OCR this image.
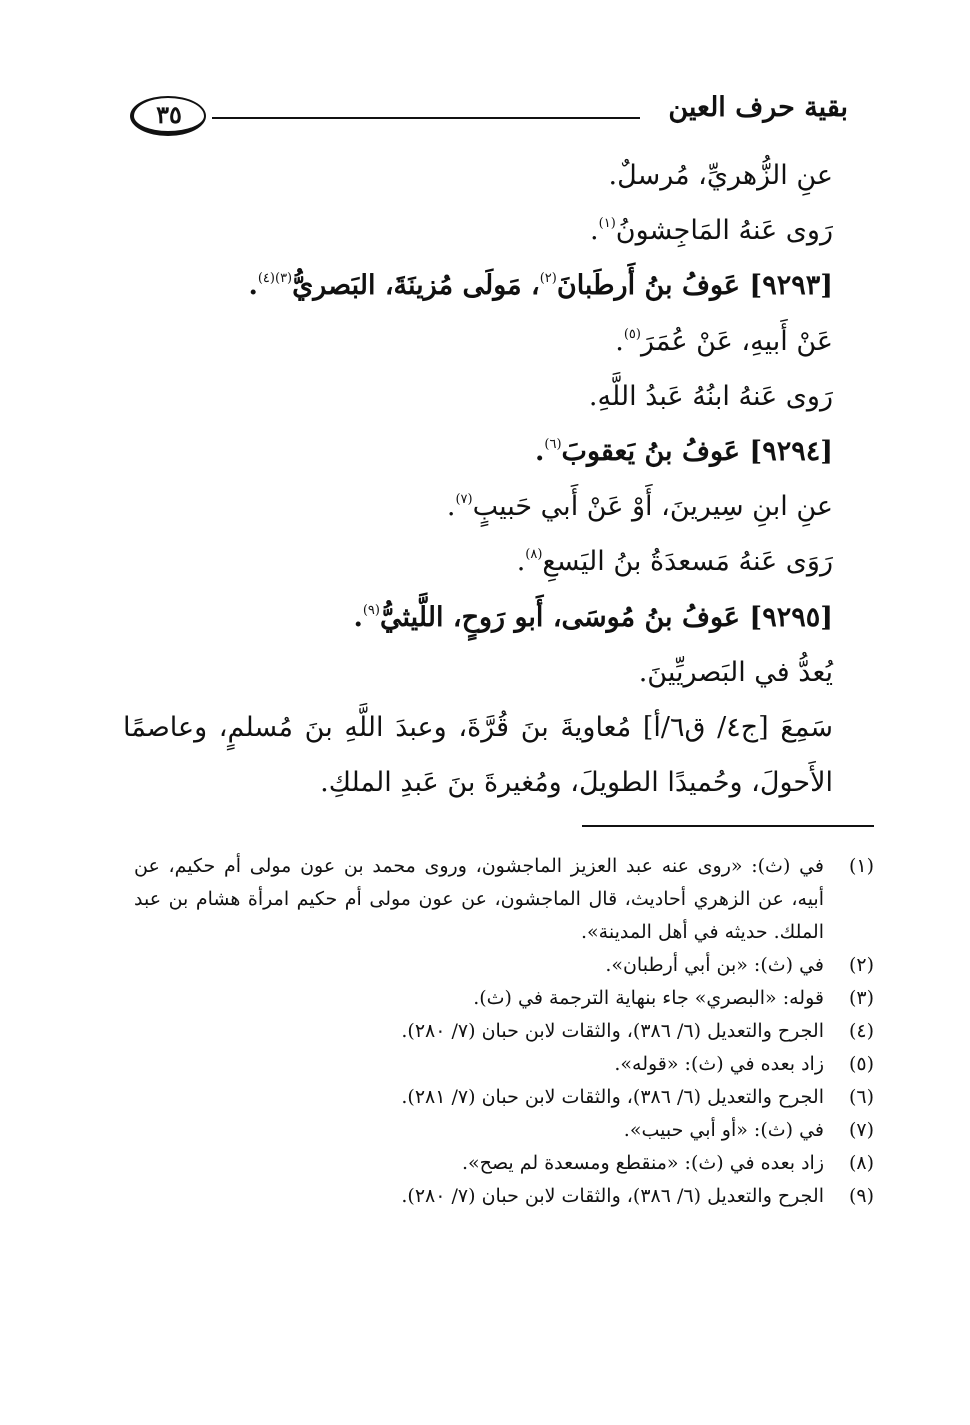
بقية حرف العين
٣٥
عنِ الزُّهريِّ، مُرسلٌ.
رَوى عَنهُ المَاجِشونُ$^{(١)}$.
[٩٢٩٣] عَوفُ بنُ أَرطَبانَ$^{(٢)}$، مَولَى مُزينَةَ، البَصريُّ$^{(٣)(٤)}$.
عَنْ أَبيهِ، عَنْ عُمَرَ$^{(٥)}$.
رَوى عَنهُ ابنُهُ عَبدُ اللَّهِ.
[٩٢٩٤] عَوفُ بنُ يَعقوبَ$^{(٦)}$.
عنِ ابنِ سِيرينَ، أَوْ عَنْ أَبي حَبيبٍ$^{(٧)}$.
رَوَى عَنهُ مَسعدَةُ بنُ اليَسعِ$^{(٨)}$.
[٩٢٩٥] عَوفُ بنُ مُوسَى، أَبو رَوحٍ، اللَّيثيُّ$^{(٩)}$.
يُعدُّ في البَصريِّينَ.
سَمِعَ [ج٤/ ق٦/أ] مُعاويةَ بنَ قُرَّةَ، وعبدَ اللَّهِ بنَ مُسلمٍ، وعاصمًا الأَحولَ، وحُميدًا الطويلَ، ومُغيرةَ بنَ عَبدِ الملكِ.
(١)
في (ث): «روى عنه عبد العزيز الماجشون، وروى محمد بن عون مولى أم حكيم، عن أبيه، عن الزهري أحاديث، قال الماجشون، عن عون مولى أم حكيم امرأة هشام بن عبد الملك. حديثه في أهل المدينة».
(٢)
في (ث): «بن أبي أرطبان».
(٣)
قوله: «البصري» جاء بنهاية الترجمة في (ث).
(٤)
الجرح والتعديل (٦/ ٣٨٦)، والثقات لابن حبان (٧/ ٢٨٠).
(٥)
زاد بعده في (ث): «قوله».
(٦)
الجرح والتعديل (٦/ ٣٨٦)، والثقات لابن حبان (٧/ ٢٨١).
(٧)
في (ث): «أو أبي حبيب».
(٨)
زاد بعده في (ث): «منقطع ومسعدة لم يصح».
(٩)
الجرح والتعديل (٦/ ٣٨٦)، والثقات لابن حبان (٧/ ٢٨٠).
